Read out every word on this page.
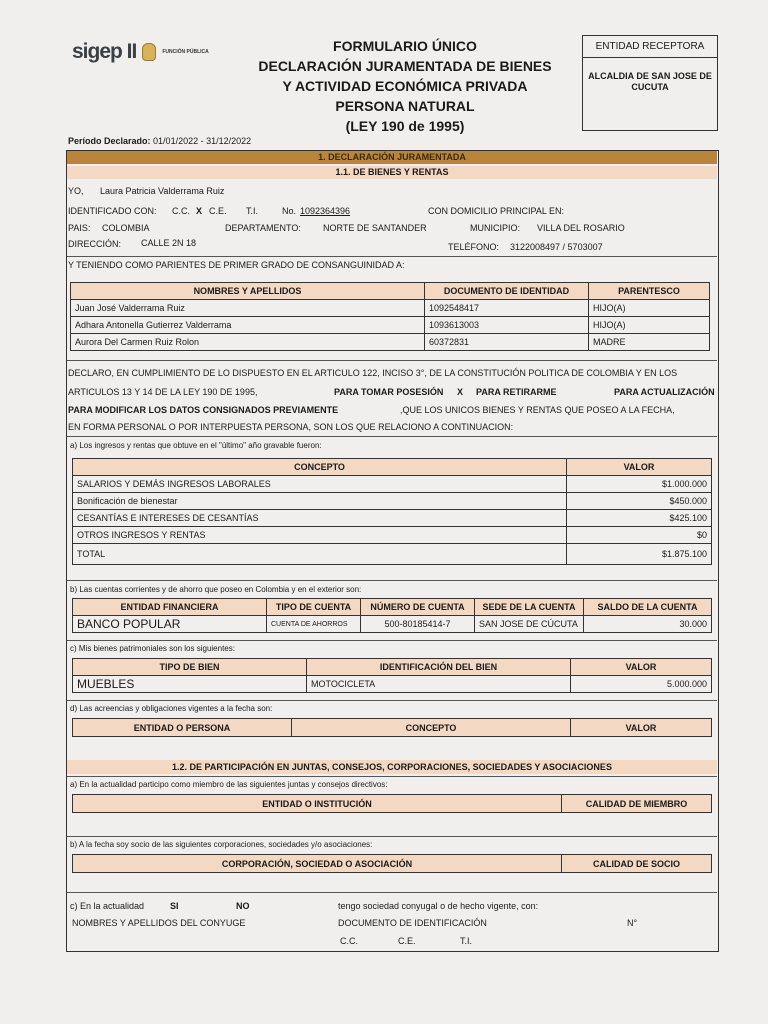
sigep II	FUNCIÓN PÚBLICA	FORMULARIO ÚNICO
DECLARACIÓN JURAMENTADA DE BIENES
Y ACTIVIDAD ECONÓMICA PRIVADA
PERSONA NATURAL
(LEY 190 de 1995)
ENTIDAD RECEPTORA
ALCALDIA DE SAN JOSE DE CUCUTA
Período Declarado: 01/01/2022 - 31/12/2022
1. DECLARACIÓN JURAMENTADA
1.1. DE BIENES Y RENTAS
YO, Laura Patricia Valderrama Ruiz
IDENTIFICADO CON: C.C. X C.E. T.I.	No. 1092364396	CON DOMICILIO PRINCIPAL EN:
PAIS: COLOMBIA	DEPARTAMENTO: NORTE DE SANTANDER	MUNICIPIO: VILLA DEL ROSARIO
DIRECCIÓN: CALLE 2N 18	TELÉFONO: 3122008497 / 5703007
Y TENIENDO COMO PARIENTES DE PRIMER GRADO DE CONSANGUINIDAD A:
NOMBRES Y APELLIDOS	DOCUMENTO DE IDENTIDAD	PARENTESCO
Juan José Valderrama Ruiz	1092548417	HIJO(A)
Adhara Antonella Gutierrez Valderrama	1093613003	HIJO(A)
Aurora Del Carmen Ruiz Rolon	60372831	MADRE
DECLARO, EN CUMPLIMIENTO DE LO DISPUESTO EN EL ARTICULO 122, INCISO 3°, DE LA CONSTITUCIÓN POLITICA DE COLOMBIA Y EN LOS
ARTICULOS 13 Y 14 DE LA LEY 190 DE 1995,	PARA TOMAR POSESIÓN X PARA RETIRARME	PARA ACTUALIZACIÓN
PARA MODIFICAR LOS DATOS CONSIGNADOS PREVIAMENTE	,QUE LOS UNICOS BIENES Y RENTAS QUE POSEO A LA FECHA,
EN FORMA PERSONAL O POR INTERPUESTA PERSONA, SON LOS QUE RELACIONO A CONTINUACION:
a) Los ingresos y rentas que obtuve en el "último" año gravable fueron:
CONCEPTO	VALOR
SALARIOS Y DEMÁS INGRESOS LABORALES	$1.000.000
Bonificación de bienestar	$450.000
CESANTÍAS E INTERESES DE CESANTÍAS	$425.100
OTROS INGRESOS Y RENTAS	$0
TOTAL	$1.875.100
b) Las cuentas corrientes y de ahorro que poseo en Colombia y en el exterior son:
ENTIDAD FINANCIERA	TIPO DE CUENTA	NÚMERO DE CUENTA	SEDE DE LA CUENTA	SALDO DE LA CUENTA
BANCO POPULAR	CUENTA DE AHORROS	500-80185414-7	SAN JOSE DE CÚCUTA	30.000
c) Mis bienes patrimoniales son los siguientes:
TIPO DE BIEN	IDENTIFICACIÓN DEL BIEN	VALOR
MUEBLES	MOTOCICLETA	5.000.000
d) Las acreencias y obligaciones vigentes a la fecha son:
ENTIDAD O PERSONA	CONCEPTO	VALOR
1.2. DE PARTICIPACIÓN EN JUNTAS, CONSEJOS, CORPORACIONES, SOCIEDADES Y ASOCIACIONES
a) En la actualidad participo como miembro de las siguientes juntas y consejos directivos:
ENTIDAD O INSTITUCIÓN	CALIDAD DE MIEMBRO
b) A la fecha soy socio de las siguientes corporaciones, sociedades y/o asociaciones:
CORPORACIÓN, SOCIEDAD O ASOCIACIÓN	CALIDAD DE SOCIO
c) En la actualidad	SI	NO	tengo sociedad conyugal o de hecho vigente, con:
NOMBRES Y APELLIDOS DEL CONYUGE	DOCUMENTO DE IDENTIFICACIÓN	N°
C.C.	C.E.	T.I.
